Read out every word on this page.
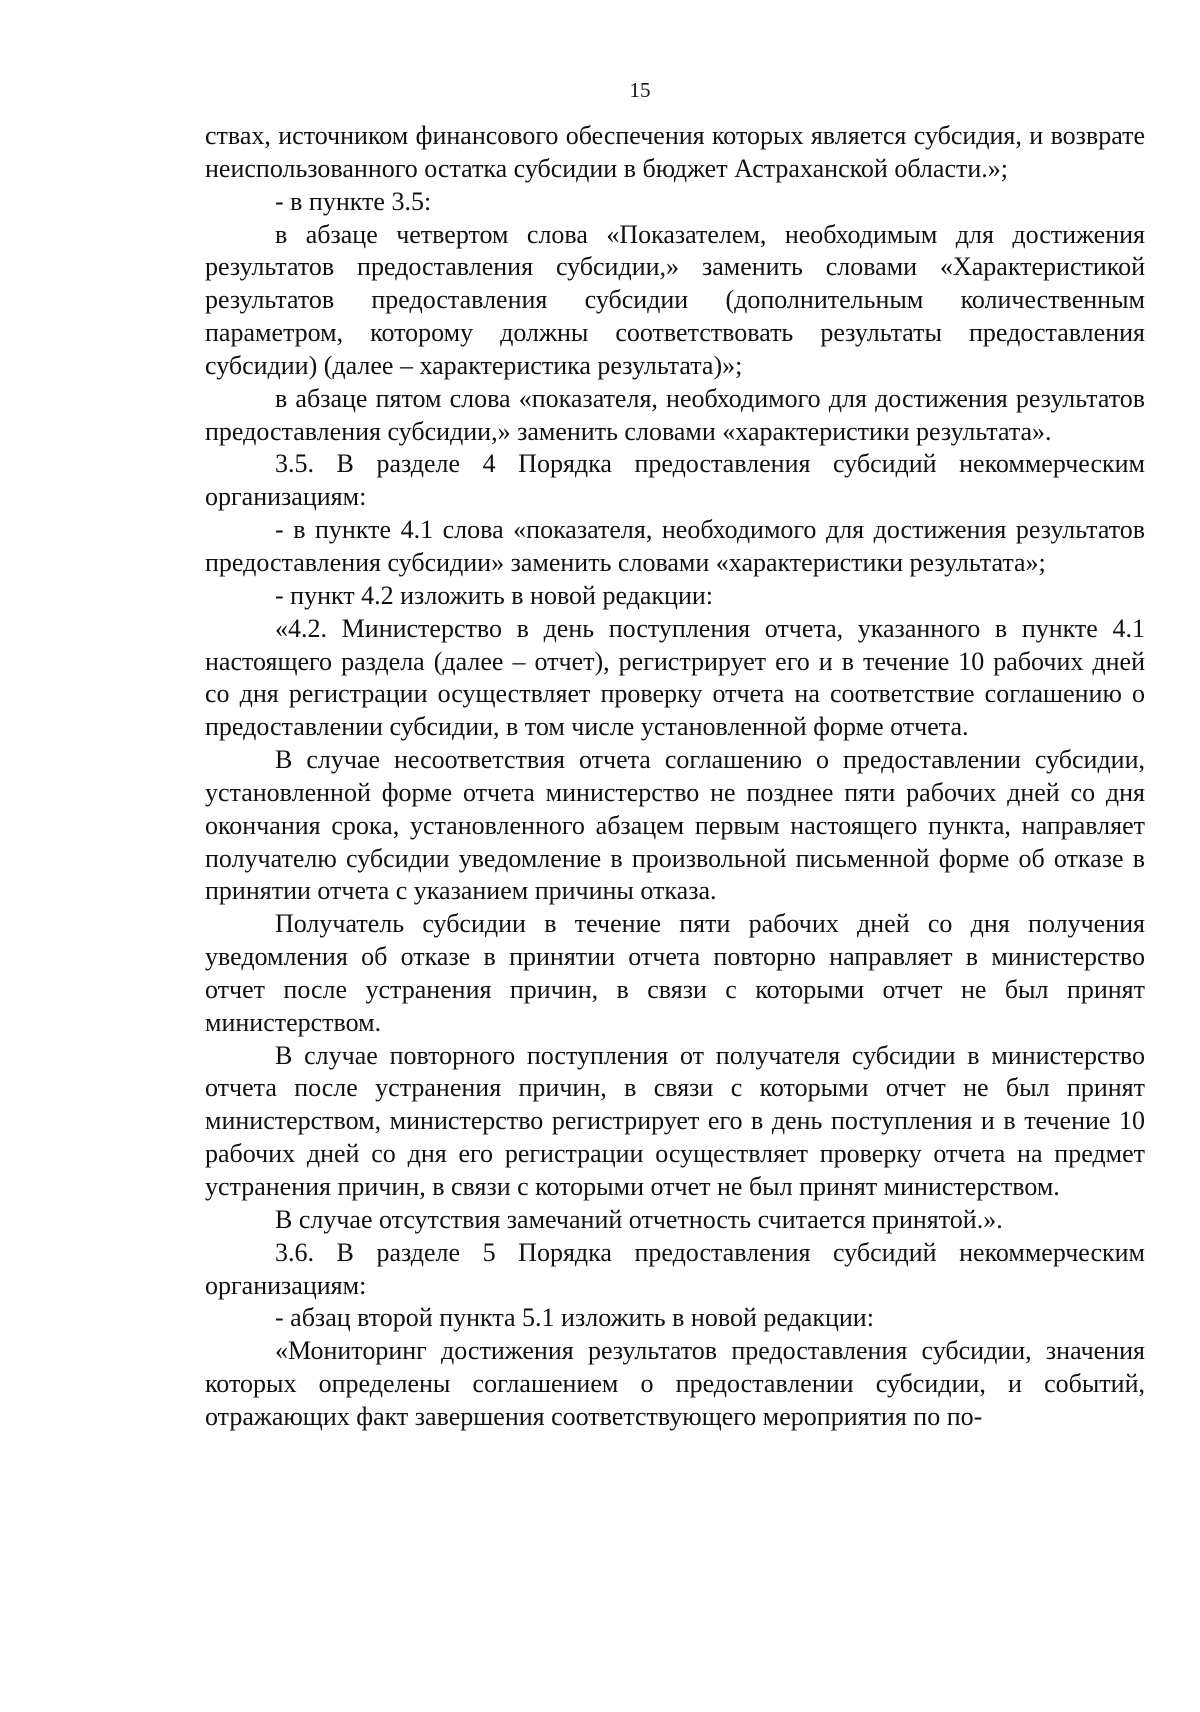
15

ствах, источником финансового обеспечения которых является субсидия, и возврате неиспользованного остатка субсидии в бюджет Астраханской области.»;

- в пункте 3.5:

в абзаце четвертом слова «Показателем, необходимым для достижения результатов предоставления субсидии,» заменить словами «Характеристикой результатов предоставления субсидии (дополнительным количественным параметром, которому должны соответствовать результаты предоставления субсидии) (далее – характеристика результата)»;

в абзаце пятом слова «показателя, необходимого для достижения результатов предоставления субсидии,» заменить словами «характеристики результата».

3.5. В разделе 4 Порядка предоставления субсидий некоммерческим организациям:

- в пункте 4.1 слова «показателя, необходимого для достижения результатов предоставления субсидии» заменить словами «характеристики результата»;

- пункт 4.2 изложить в новой редакции:

«4.2. Министерство в день поступления отчета, указанного в пункте 4.1 настоящего раздела (далее – отчет), регистрирует его и в течение 10 рабочих дней со дня регистрации осуществляет проверку отчета на соответствие соглашению о предоставлении субсидии, в том числе установленной форме отчета.

В случае несоответствия отчета соглашению о предоставлении субсидии, установленной форме отчета министерство не позднее пяти рабочих дней со дня окончания срока, установленного абзацем первым настоящего пункта, направляет получателю субсидии уведомление в произвольной письменной форме об отказе в принятии отчета с указанием причины отказа.

Получатель субсидии в течение пяти рабочих дней со дня получения уведомления об отказе в принятии отчета повторно направляет в министерство отчет после устранения причин, в связи с которыми отчет не был принят министерством.

В случае повторного поступления от получателя субсидии в министерство отчета после устранения причин, в связи с которыми отчет не был принят министерством, министерство регистрирует его в день поступления и в течение 10 рабочих дней со дня его регистрации осуществляет проверку отчета на предмет устранения причин, в связи с которыми отчет не был принят министерством.

В случае отсутствия замечаний отчетность считается принятой.».

3.6. В разделе 5 Порядка предоставления субсидий некоммерческим организациям:

- абзац второй пункта 5.1 изложить в новой редакции:

«Мониторинг достижения результатов предоставления субсидии, значения которых определены соглашением о предоставлении субсидии, и событий, отражающих факт завершения соответствующего мероприятия по по-
